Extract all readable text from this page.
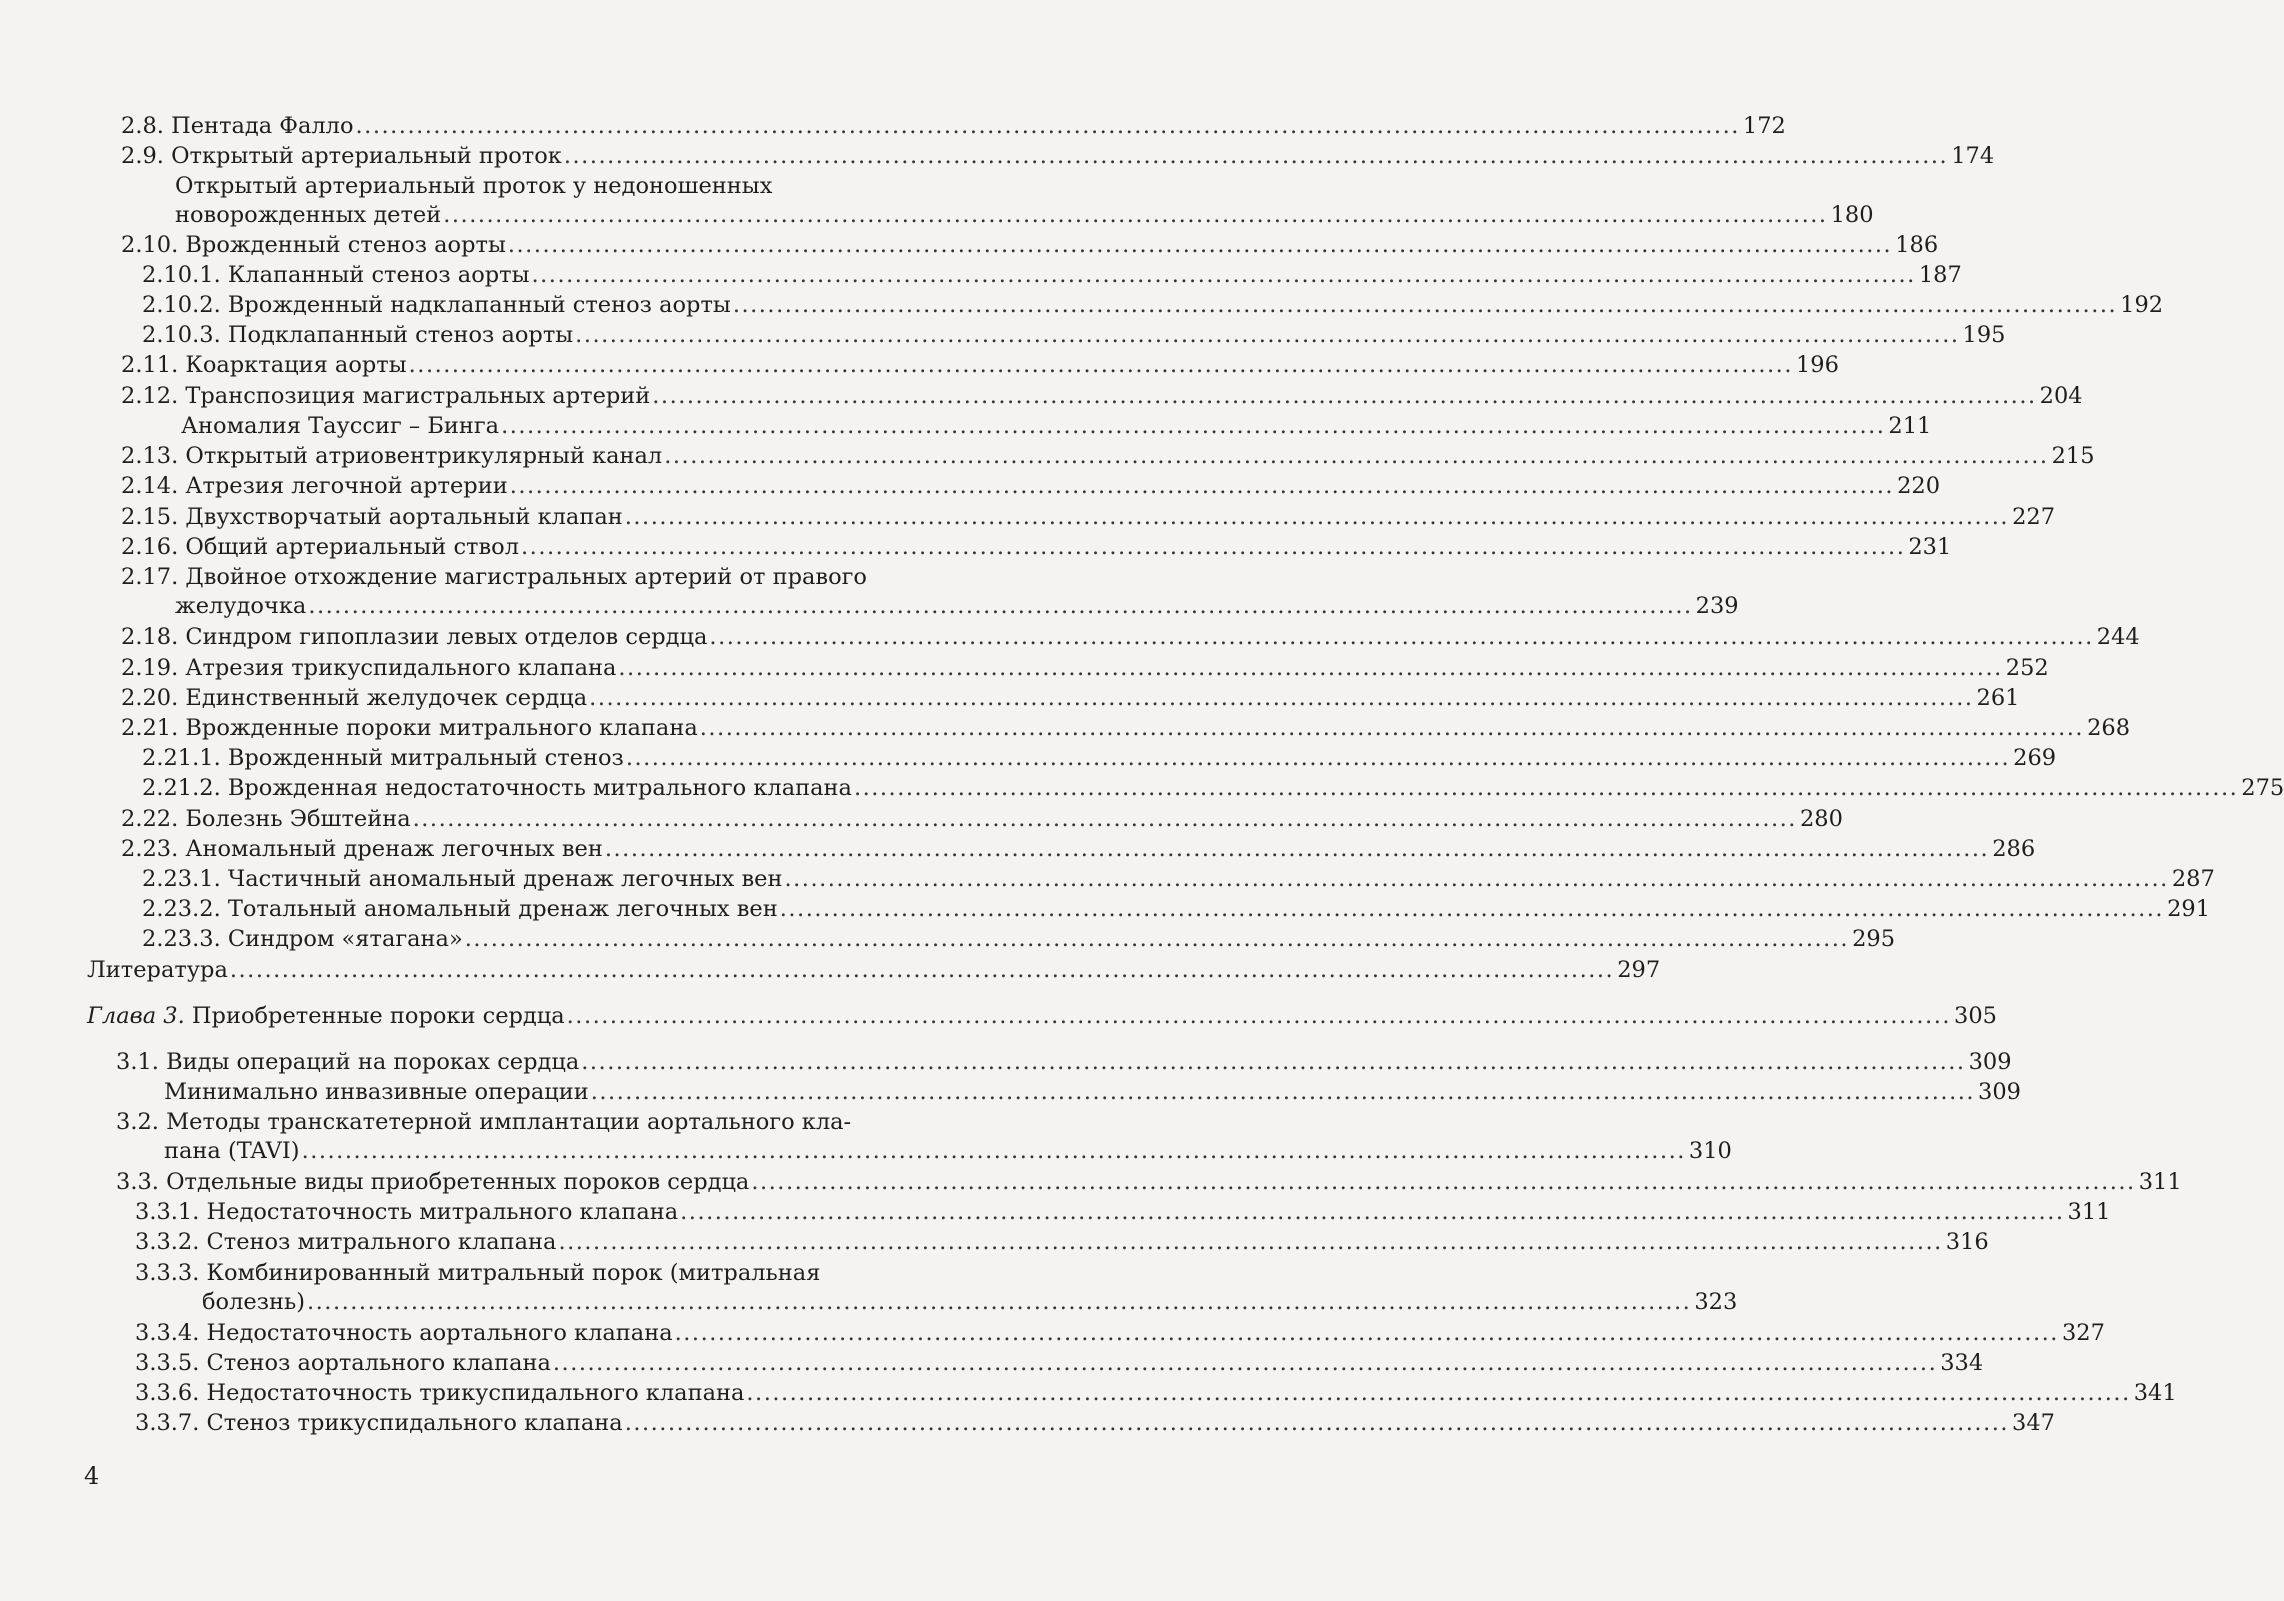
2.8. Пентада Фалло ................................................................................................................................................................ 172
2.9. Открытый артериальный проток ................................................................................................................................................................ 174
Открытый артериальный проток у недоношенных
новорожденных детей ................................................................................................................................................................ 180
2.10. Врожденный стеноз аорты ................................................................................................................................................................ 186
2.10.1. Клапанный стеноз аорты ................................................................................................................................................................ 187
2.10.2. Врожденный надклапанный стеноз аорты ................................................................................................................................................................ 192
2.10.3. Подклапанный стеноз аорты ................................................................................................................................................................ 195
2.11. Коарктация аорты ................................................................................................................................................................ 196
2.12. Транспозиция магистральных артерий ................................................................................................................................................................ 204
Аномалия Таусcиг – Бинга ................................................................................................................................................................ 211
2.13. Открытый атриовентрикулярный канал ................................................................................................................................................................ 215
2.14. Атрезия легочной артерии ................................................................................................................................................................ 220
2.15. Двухстворчатый аортальный клапан ................................................................................................................................................................ 227
2.16. Общий артериальный ствол ................................................................................................................................................................ 231
2.17. Двойное отхождение магистральных артерий от правого
желудочка ................................................................................................................................................................ 239
2.18. Синдром гипоплазии левых отделов сердца ................................................................................................................................................................ 244
2.19. Атрезия трикуспидального клапана ................................................................................................................................................................ 252
2.20. Единственный желудочек сердца ................................................................................................................................................................ 261
2.21. Врожденные пороки митрального клапана ................................................................................................................................................................ 268
2.21.1. Врожденный митральный стеноз ................................................................................................................................................................ 269
2.21.2. Врожденная недостаточность митрального клапана ................................................................................................................................................................ 275
2.22. Болезнь Эбштейна ................................................................................................................................................................ 280
2.23. Аномальный дренаж легочных вен ................................................................................................................................................................ 286
2.23.1. Частичный аномальный дренаж легочных вен ................................................................................................................................................................ 287
2.23.2. Тотальный аномальный дренаж легочных вен ................................................................................................................................................................ 291
2.23.3. Синдром «ятагана» ................................................................................................................................................................ 295
Литература ................................................................................................................................................................ 297
Глава 3. Приобретенные пороки сердца ................................................................................................................................................................ 305
3.1. Виды операций на пороках сердца ................................................................................................................................................................ 309
Минимально инвазивные операции ................................................................................................................................................................ 309
3.2. Методы транскатетерной имплантации аортального кла-
пана (TAVI) ................................................................................................................................................................ 310
3.3. Отдельные виды приобретенных пороков сердца ................................................................................................................................................................ 311
3.3.1. Недостаточность митрального клапана ................................................................................................................................................................ 311
3.3.2. Стеноз митрального клапана ................................................................................................................................................................ 316
3.3.3. Комбинированный митральный порок (митральная
болезнь) ................................................................................................................................................................ 323
3.3.4. Недостаточность аортального клапана ................................................................................................................................................................ 327
3.3.5. Стеноз аортального клапана ................................................................................................................................................................ 334
3.3.6. Недостаточность трикуспидального клапана ................................................................................................................................................................ 341
3.3.7. Стеноз трикуспидального клапана ................................................................................................................................................................ 347
4
